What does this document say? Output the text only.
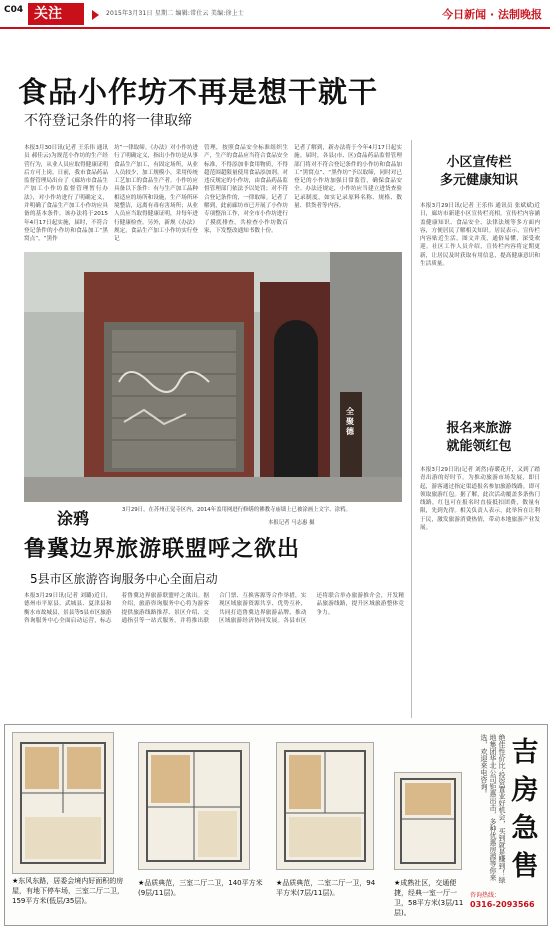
C04 关注	2015年3月31日 星期二 编辑:常仕云 美编:徐上士	今日新闻 · 法制晚报
食品小作坊不再是想干就干
不符登记条件的将一律取缔
本报3月30日讯(记者 王乐伟 通讯员 郝佳云)为规范小作坊的生产经营行为，从业人员应取得健康证明后方可上岗。日前，我市食品药品监督管理局出台了《廊坊市食品生产加工小作坊监督管理暂行办法》，对小作坊进行了明确定义，并明确了食品生产加工小作坊应具备的基本条件。该办法将于2015年4月17日起实施，届时，不符合登记条件的小作坊和食品加工“黑窝点”，“黑作
坊”一律取缔。《办法》对小作坊进行了明确定义，指出小作坊是从事食品生产加工，有固定场所，从业人员较少，加工规模小，采用传统工艺加工的食品生产者。小作坊应具备以下条件：有与生产加工品种相适应的场所和设施，生产场所环境整洁，远离有毒有害场所；从业人员应当取得健康证明，并每年进行健康检查。另外，新规《办法》规定，食品生产加工小作坊实行登记
管理，按照食品安全标准组织生产，生产的食品应当符合食品安全标准，不得添加非食用物质，不得超范围超限量使用食品添加剂。对违反规定的小作坊，由食品药品监督管理部门依法予以处罚；对不符合登记条件的，一律取缔。记者了解到，此前廊坊市已开展了小作坊专项整治工作，对全市小作坊进行了摸底排查，共检查小作坊数百家，下发整改通知书数十份。
记者了解到，新办法将于今年4月17日起实施。届时，各县(市、区)食品药品监督管理部门将对不符合登记条件的小作坊和食品加工“黑窝点”、“黑作坊”予以取缔，同时对已登记的小作坊加强日常监管，确保食品安全。办法还规定，小作坊应当建立进货查验记录制度，如实记录原料名称、规格、数量、供货者等内容。
全聚德
涂鸦	3月29日，在苏州正觉寺区内，2014年盖用网进行修缮的佛教寺庙墙上已被涂画上文字、涂鸦。
本报记者 马志惠 摄
小区宣传栏
多元健康知识
本报3月29日讯(记者 王乐伟 通讯员 张斌斌)近日，廊坊市新建小区宣传栏亮相，宣传栏内容涵盖健康知识、食品安全、法律法规等多方面内容，方便居民了解相关知识。居民表示，宣传栏内容贴近生活，图文并茂，通俗易懂，深受欢迎。社区工作人员介绍，宣传栏内容将定期更新，让居民及时获取有用信息，提高健康意识和生活质量。
报名来旅游
就能领红包
本报3月29日讯(记者 刘然)春暖花开，又到了踏青出游的好时节。为推动旅游市场发展，即日起，游客通过指定渠道报名参加旅游线路，即可领取旅游红包。据了解，此次活动覆盖多条热门线路，红包可在报名时直接抵扣团费，数量有限，先到先得。相关负责人表示，此举旨在让利于民，激发旅游消费热情，带动本地旅游产业发展。
鲁冀边界旅游联盟呼之欲出
5县市区旅游咨询服务中心全面启动
本报3月29日讯(记者 刘璐)近日，德州市平原县、武城县、夏津县和衡水市故城县、景县等5县市区旅游咨询服务中心全面启动运营，标志着鲁冀边界旅游联盟呼之欲出。据介绍，旅游咨询服务中心将为游客提供旅游线路推荐、景区介绍、交通指引等一站式服务，并将推出联合门票、互换客源等合作举措，实现区域旅游资源共享、优势互补，共同打造鲁冀边界旅游品牌，推动区域旅游经济协同发展。各县市区还将联合举办旅游推介会，开发精品旅游线路，提升区域旅游整体竞争力。
★东风东路，居委会境内好面积的房屋，有地下停车场，三室二厅二卫，159平方米(低层/35层)。
★品质典范，三室二厅二卫，140平方米(9层/11层)。
★品质典范，二室二厅一卫，94平方米(7层/11层)。
★成熟社区，交通便捷，经典一室一厅一卫，58平方米(3层/11层)。
绝佳性价比·投资置业好机会，买到就是赚到！绿地集团华北公司钜惠出击，多种优惠房源等你来选，欢迎来电咨询。
咨询热线：
0316-2093566
吉房急售
